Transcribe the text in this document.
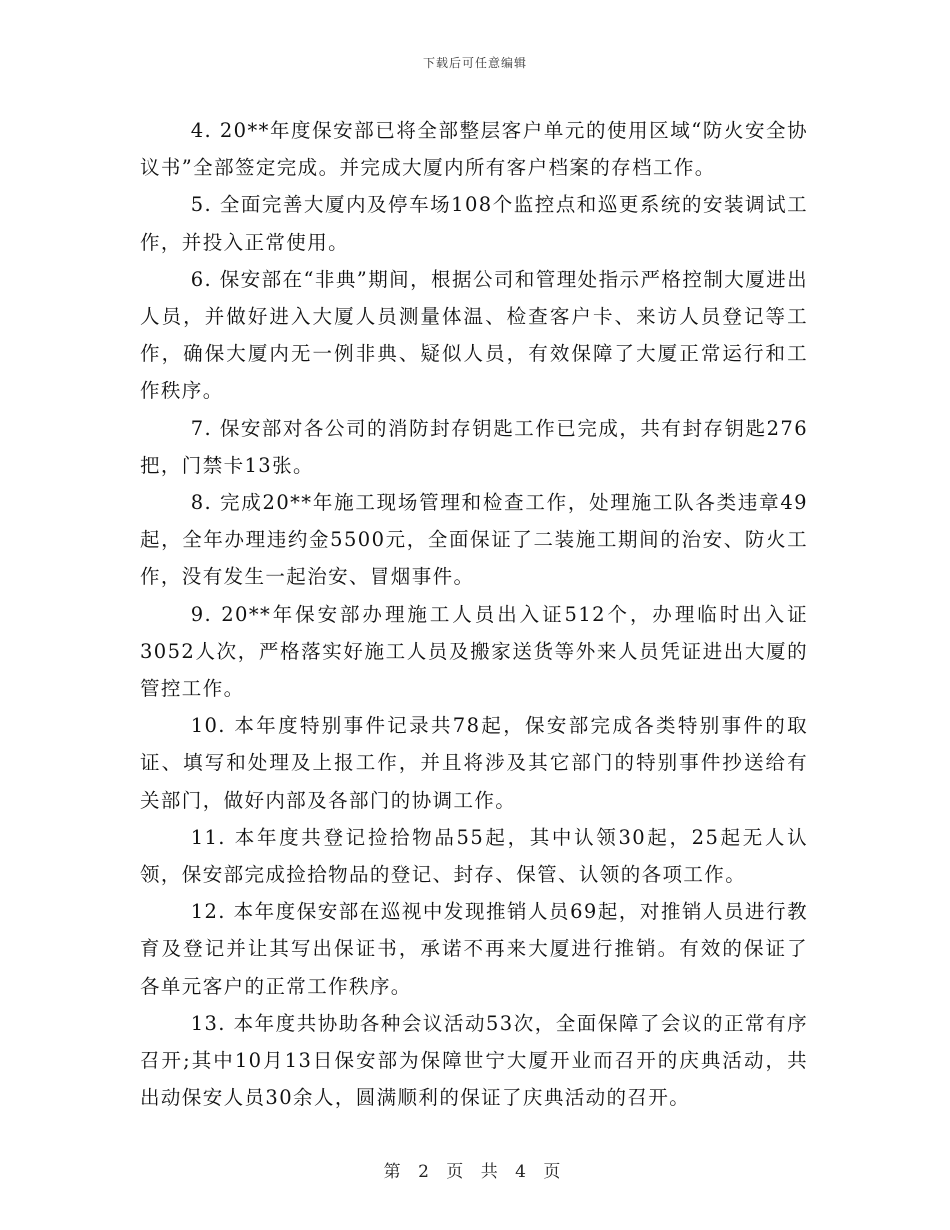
下载后可任意编辑

4. 20**年度保安部已将全部整层客户单元的使用区域“防火安全协议书”全部签定完成。并完成大厦内所有客户档案的存档工作。

5. 全面完善大厦内及停车场108个监控点和巡更系统的安装调试工作，并投入正常使用。

6. 保安部在“非典”期间，根据公司和管理处指示严格控制大厦进出人员，并做好进入大厦人员测量体温、检查客户卡、来访人员登记等工作，确保大厦内无一例非典、疑似人员，有效保障了大厦正常运行和工作秩序。

7. 保安部对各公司的消防封存钥匙工作已完成，共有封存钥匙276把，门禁卡13张。

8. 完成20**年施工现场管理和检查工作，处理施工队各类违章49起，全年办理违约金5500元，全面保证了二装施工期间的治安、防火工作，没有发生一起治安、冒烟事件。

9. 20**年保安部办理施工人员出入证512个，办理临时出入证3052人次，严格落实好施工人员及搬家送货等外来人员凭证进出大厦的管控工作。

10. 本年度特别事件记录共78起，保安部完成各类特别事件的取证、填写和处理及上报工作，并且将涉及其它部门的特别事件抄送给有关部门，做好内部及各部门的协调工作。

11. 本年度共登记捡拾物品55起，其中认领30起，25起无人认领，保安部完成捡拾物品的登记、封存、保管、认领的各项工作。

12. 本年度保安部在巡视中发现推销人员69起，对推销人员进行教育及登记并让其写出保证书，承诺不再来大厦进行推销。有效的保证了各单元客户的正常工作秩序。

13. 本年度共协助各种会议活动53次，全面保障了会议的正常有序召开;其中10月13日保安部为保障世宁大厦开业而召开的庆典活动，共出动保安人员30余人，圆满顺利的保证了庆典活动的召开。

第 2 页 共 4 页
